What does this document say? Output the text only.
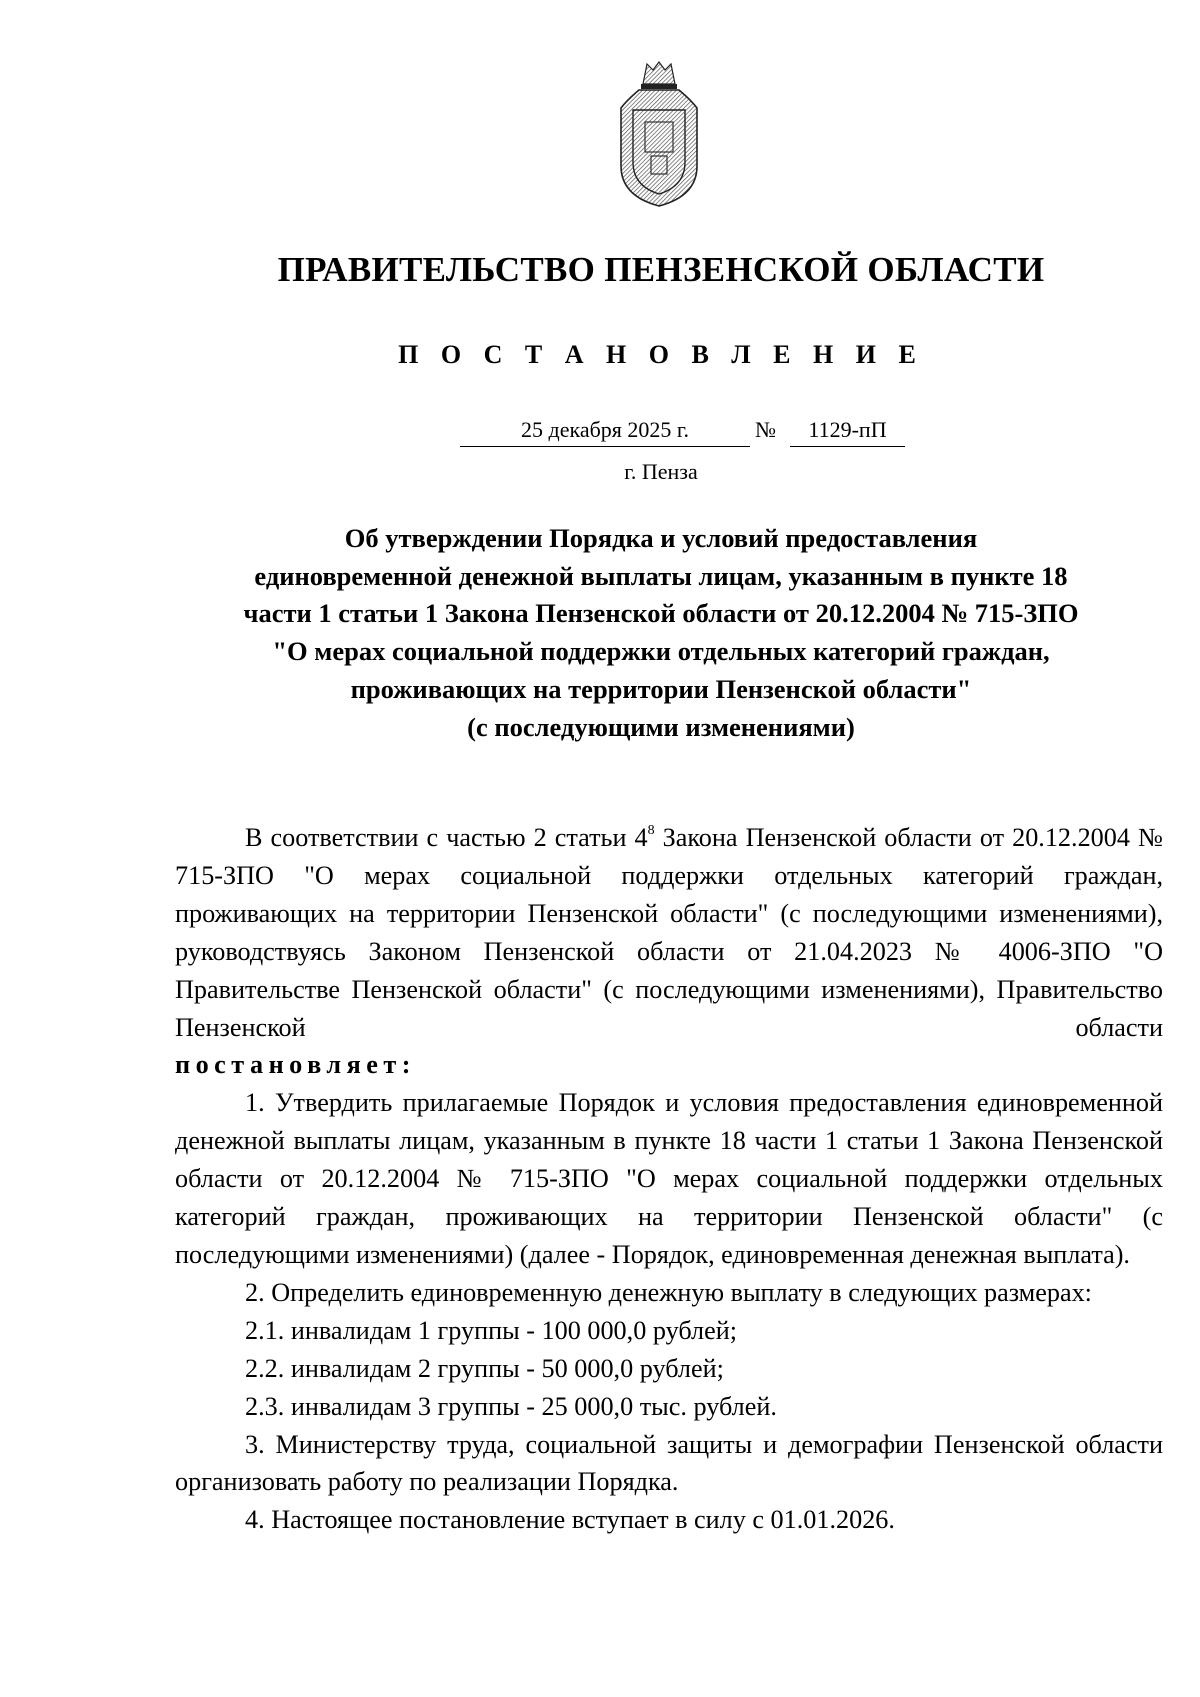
ПРАВИТЕЛЬСТВО ПЕНЗЕНСКОЙ ОБЛАСТИ
П О С Т А Н О В Л Е Н И Е
25 декабря 2025 г.	№	1129-пП
г. Пенза
Об утверждении Порядка и условий предоставления
единовременной денежной выплаты лицам, указанным в пункте 18
части 1 статьи 1 Закона Пензенской области от 20.12.2004 № 715-ЗПО
"О мерах социальной поддержки отдельных категорий граждан,
проживающих на территории Пензенской области"
(с последующими изменениями)

В соответствии с частью 2 статьи $4^8$ Закона Пензенской области от 20.12.2004 № 715-ЗПО "О мерах социальной поддержки отдельных категорий граждан, проживающих на территории Пензенской области" (с последующими изменениями), руководствуясь Законом Пензенской области от 21.04.2023 № 4006-ЗПО "О Правительстве Пензенской области" (с последующими изменениями), Правительство Пензенской области

постановляет:

1. Утвердить прилагаемые Порядок и условия предоставления единовременной денежной выплаты лицам, указанным в пункте 18 части 1 статьи 1 Закона Пензенской области от 20.12.2004 № 715-ЗПО "О мерах социальной поддержки отдельных категорий граждан, проживающих на территории Пензенской области" (с последующими изменениями) (далее - Порядок, единовременная денежная выплата).

2. Определить единовременную денежную выплату в следующих размерах:

2.1. инвалидам 1 группы - 100 000,0 рублей;

2.2. инвалидам 2 группы - 50 000,0 рублей;

2.3. инвалидам 3 группы - 25 000,0 тыс. рублей.

3. Министерству труда, социальной защиты и демографии Пензенской области организовать работу по реализации Порядка.

4. Настоящее постановление вступает в силу с 01.01.2026.
